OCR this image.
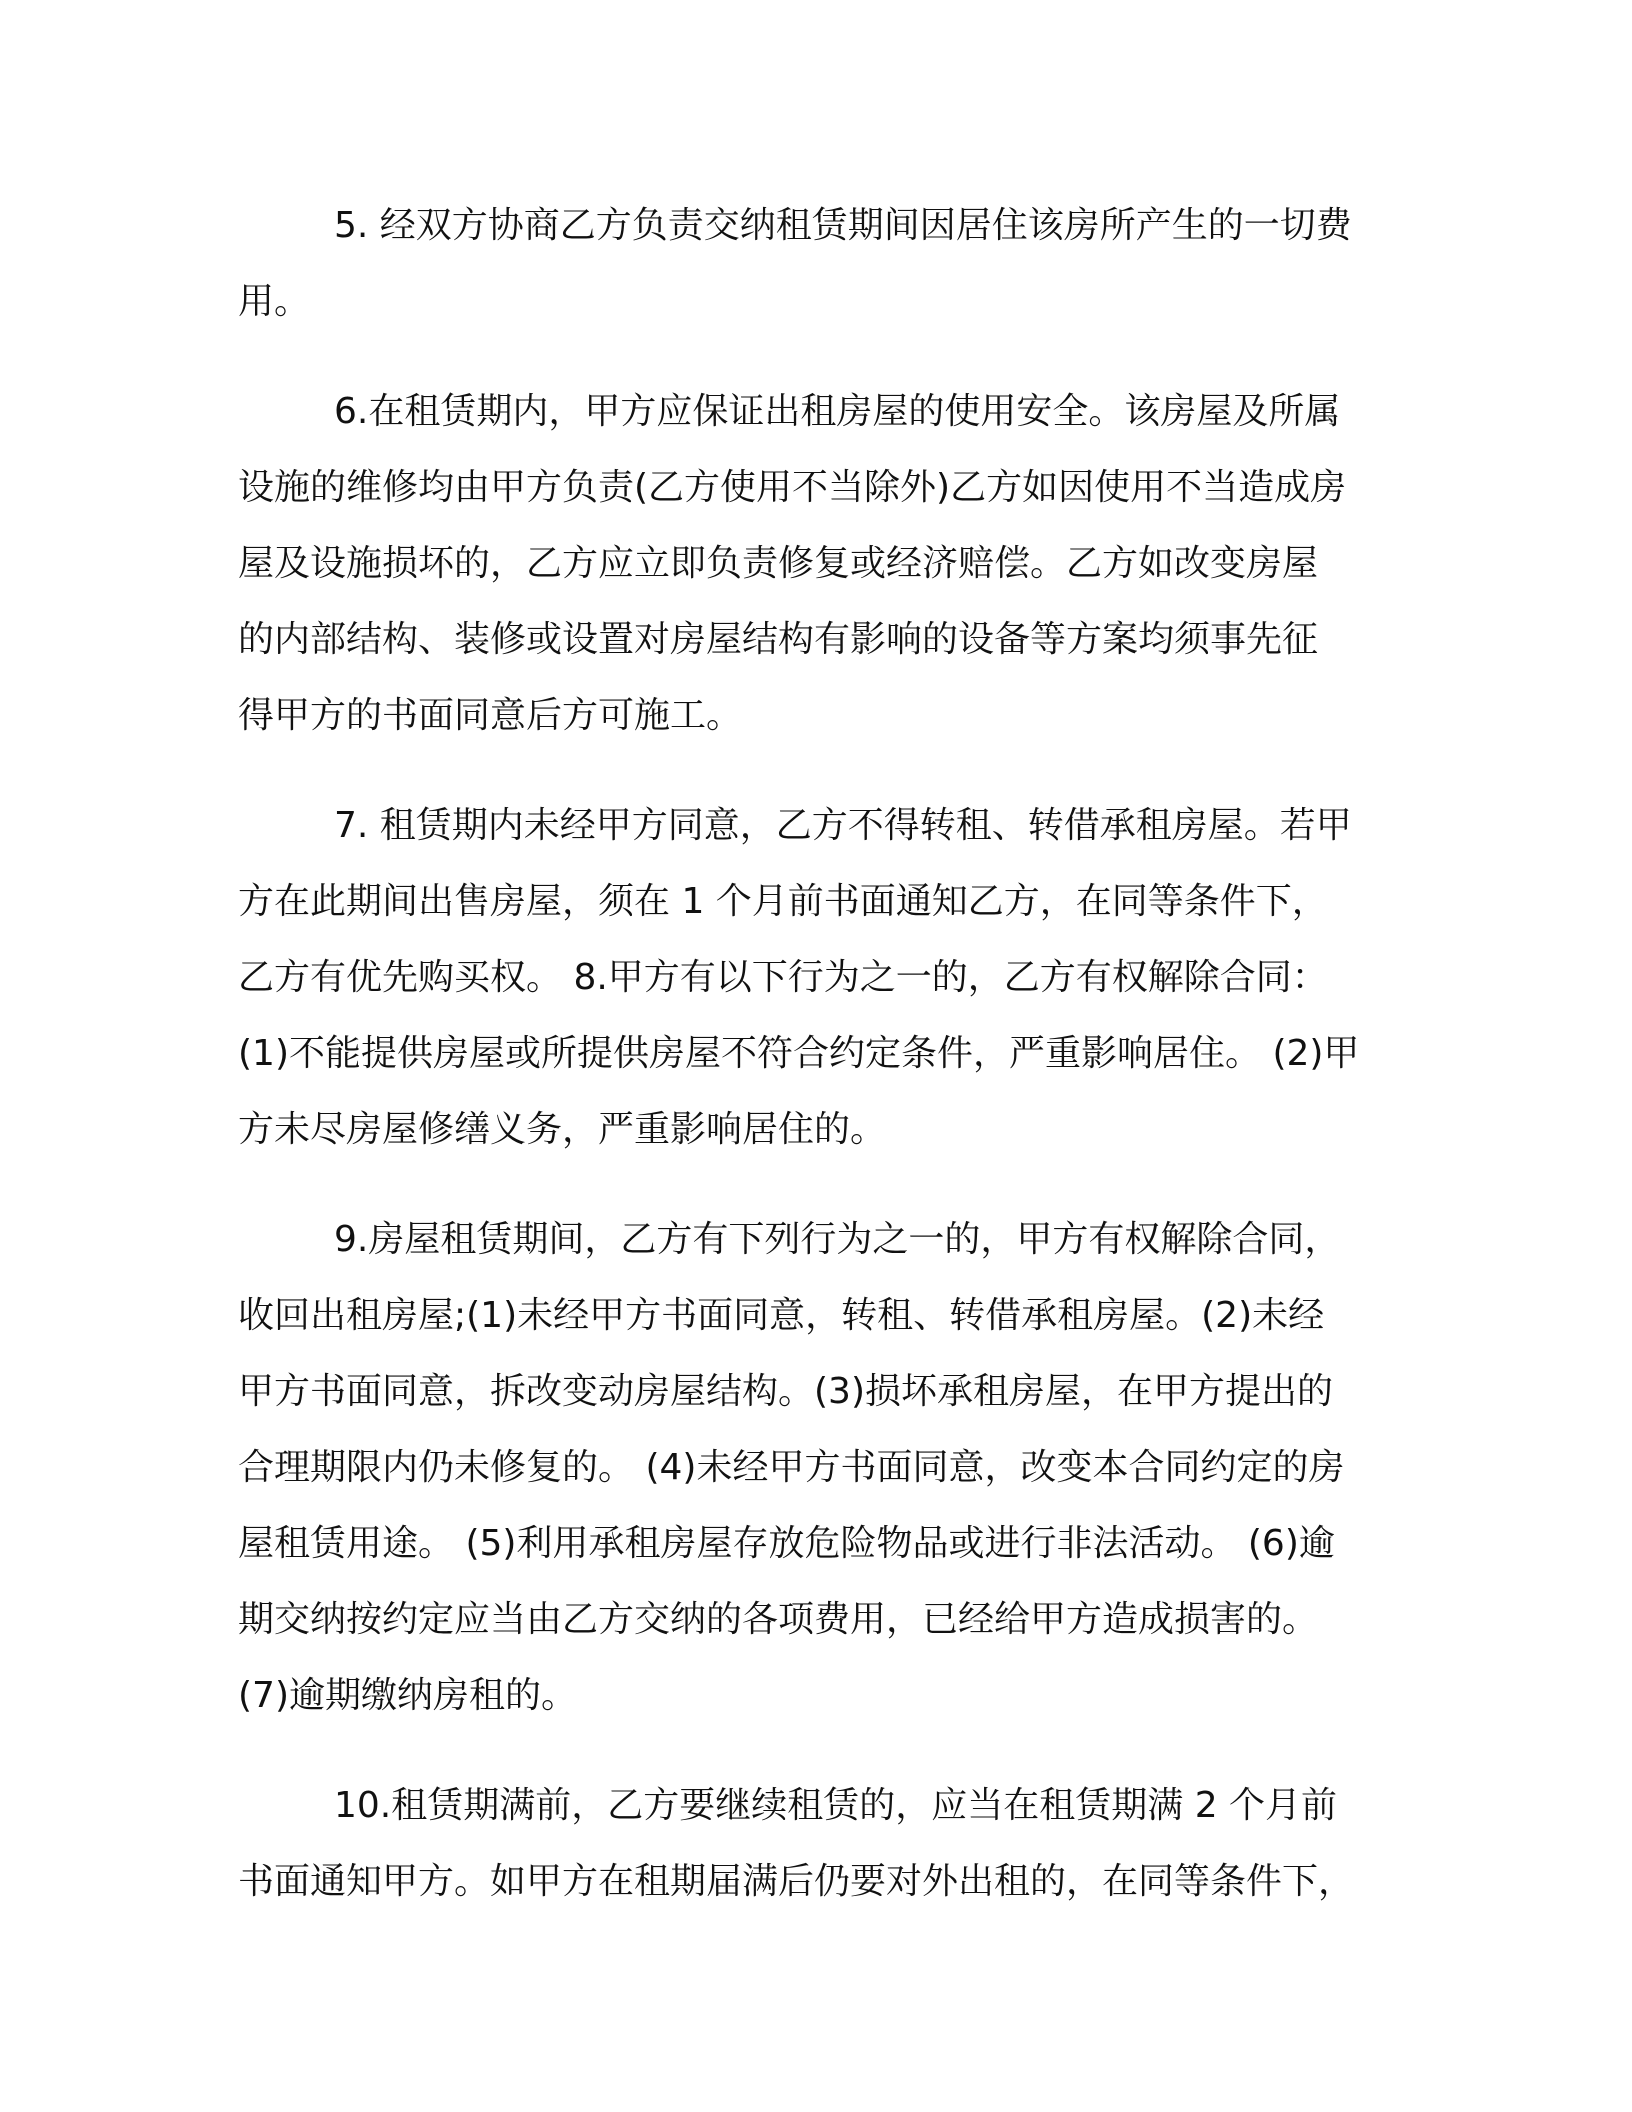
5. 经双方协商乙方负责交纳租赁期间因居住该房所产生的一切费
用。

6.在租赁期内，甲方应保证出租房屋的使用安全。该房屋及所属
设施的维修均由甲方负责(乙方使用不当除外)乙方如因使用不当造成房
屋及设施损坏的，乙方应立即负责修复或经济赔偿。乙方如改变房屋
的内部结构、装修或设置对房屋结构有影响的设备等方案均须事先征
得甲方的书面同意后方可施工。

7. 租赁期内未经甲方同意，乙方不得转租、转借承租房屋。若甲
方在此期间出售房屋，须在 1 个月前书面通知乙方，在同等条件下，
乙方有优先购买权。 8.甲方有以下行为之一的，乙方有权解除合同：
(1)不能提供房屋或所提供房屋不符合约定条件，严重影响居住。 (2)甲
方未尽房屋修缮义务，严重影响居住的。

9.房屋租赁期间，乙方有下列行为之一的，甲方有权解除合同，
收回出租房屋;(1)未经甲方书面同意，转租、转借承租房屋。(2)未经
甲方书面同意，拆改变动房屋结构。(3)损坏承租房屋，在甲方提出的
合理期限内仍未修复的。 (4)未经甲方书面同意，改变本合同约定的房
屋租赁用途。 (5)利用承租房屋存放危险物品或进行非法活动。 (6)逾
期交纳按约定应当由乙方交纳的各项费用，已经给甲方造成损害的。
(7)逾期缴纳房租的。

10.租赁期满前，乙方要继续租赁的，应当在租赁期满 2 个月前
书面通知甲方。如甲方在租期届满后仍要对外出租的，在同等条件下，
